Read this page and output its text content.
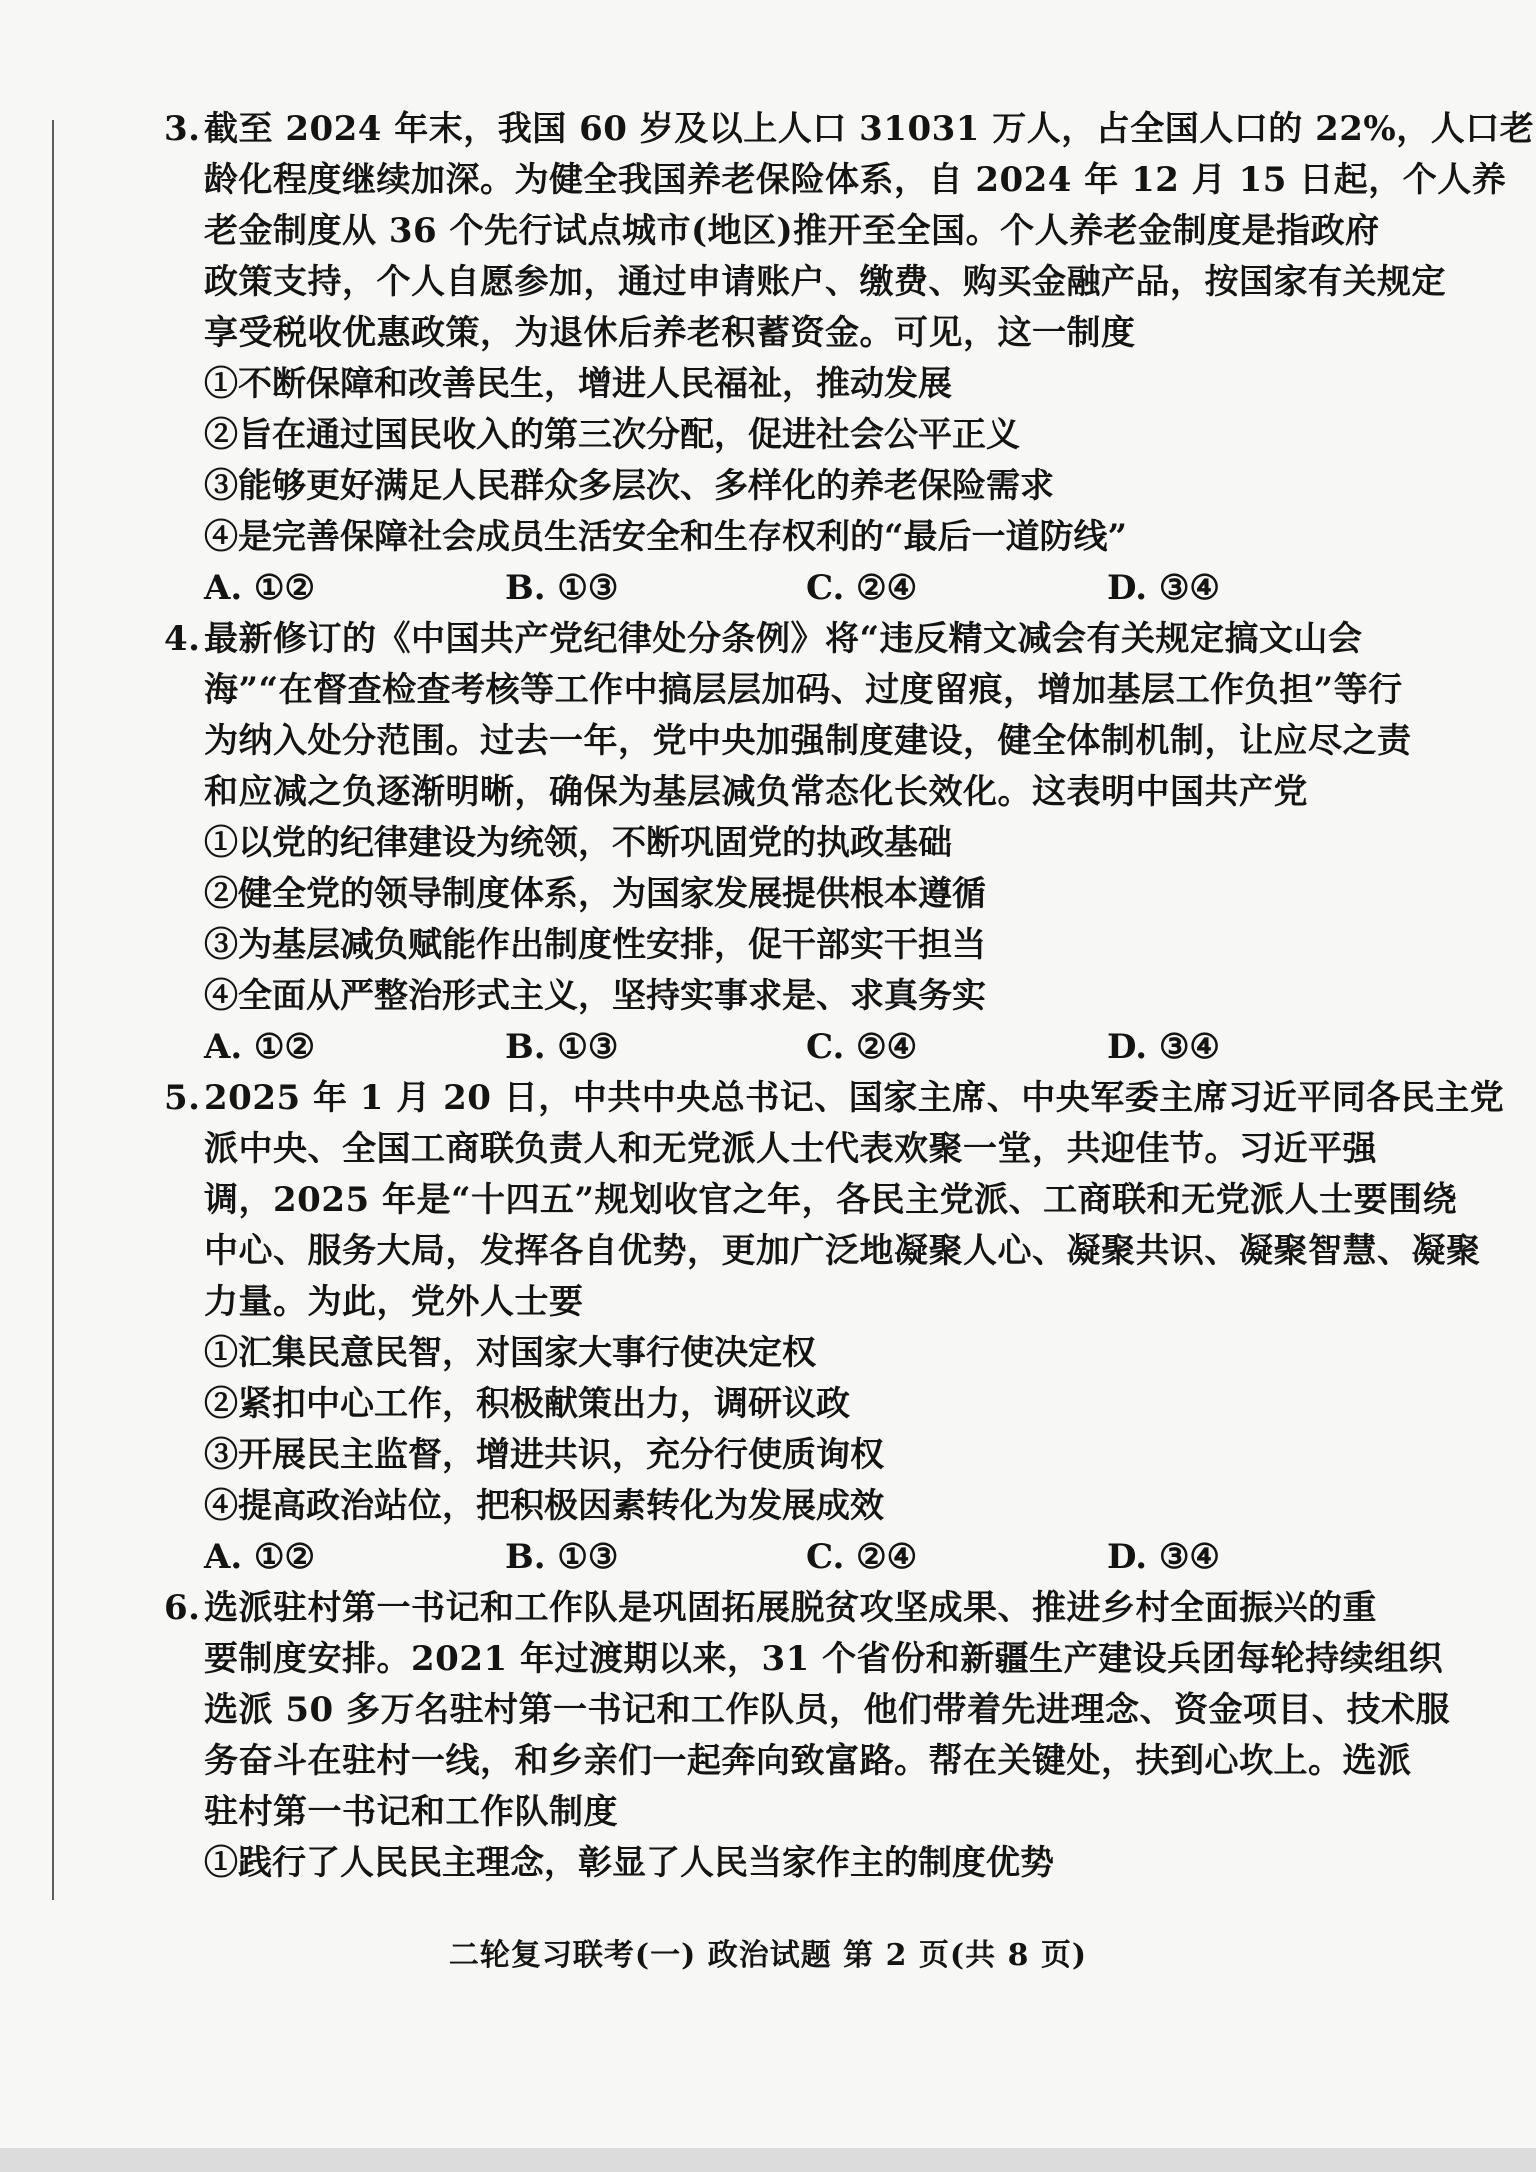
3. 截至 2024 年末，我国 60 岁及以上人口 31031 万人，占全国人口的 22%，人口老
龄化程度继续加深。为健全我国养老保险体系，自 2024 年 12 月 15 日起，个人养
老金制度从 36 个先行试点城市(地区)推开至全国。个人养老金制度是指政府
政策支持，个人自愿参加，通过申请账户、缴费、购买金融产品，按国家有关规定
享受税收优惠政策，为退休后养老积蓄资金。可见，这一制度
①不断保障和改善民生，增进人民福祉，推动发展
②旨在通过国民收入的第三次分配，促进社会公平正义
③能够更好满足人民群众多层次、多样化的养老保险需求
④是完善保障社会成员生活安全和生存权利的“最后一道防线”
A. ①②	B. ①③	C. ②④	D. ③④
4. 最新修订的《中国共产党纪律处分条例》将“违反精文减会有关规定搞文山会
海”“在督查检查考核等工作中搞层层加码、过度留痕，增加基层工作负担”等行
为纳入处分范围。过去一年，党中央加强制度建设，健全体制机制，让应尽之责
和应减之负逐渐明晰，确保为基层减负常态化长效化。这表明中国共产党
①以党的纪律建设为统领，不断巩固党的执政基础
②健全党的领导制度体系，为国家发展提供根本遵循
③为基层减负赋能作出制度性安排，促干部实干担当
④全面从严整治形式主义，坚持实事求是、求真务实
A. ①②	B. ①③	C. ②④	D. ③④
5. 2025 年 1 月 20 日，中共中央总书记、国家主席、中央军委主席习近平同各民主党
派中央、全国工商联负责人和无党派人士代表欢聚一堂，共迎佳节。习近平强
调，2025 年是“十四五”规划收官之年，各民主党派、工商联和无党派人士要围绕
中心、服务大局，发挥各自优势，更加广泛地凝聚人心、凝聚共识、凝聚智慧、凝聚
力量。为此，党外人士要
①汇集民意民智，对国家大事行使决定权
②紧扣中心工作，积极献策出力，调研议政
③开展民主监督，增进共识，充分行使质询权
④提高政治站位，把积极因素转化为发展成效
A. ①②	B. ①③	C. ②④	D. ③④
6. 选派驻村第一书记和工作队是巩固拓展脱贫攻坚成果、推进乡村全面振兴的重
要制度安排。2021 年过渡期以来，31 个省份和新疆生产建设兵团每轮持续组织
选派 50 多万名驻村第一书记和工作队员，他们带着先进理念、资金项目、技术服
务奋斗在驻村一线，和乡亲们一起奔向致富路。帮在关键处，扶到心坎上。选派
驻村第一书记和工作队制度
①践行了人民民主理念，彰显了人民当家作主的制度优势
二轮复习联考(一) 政治试题 第 2 页(共 8 页)
